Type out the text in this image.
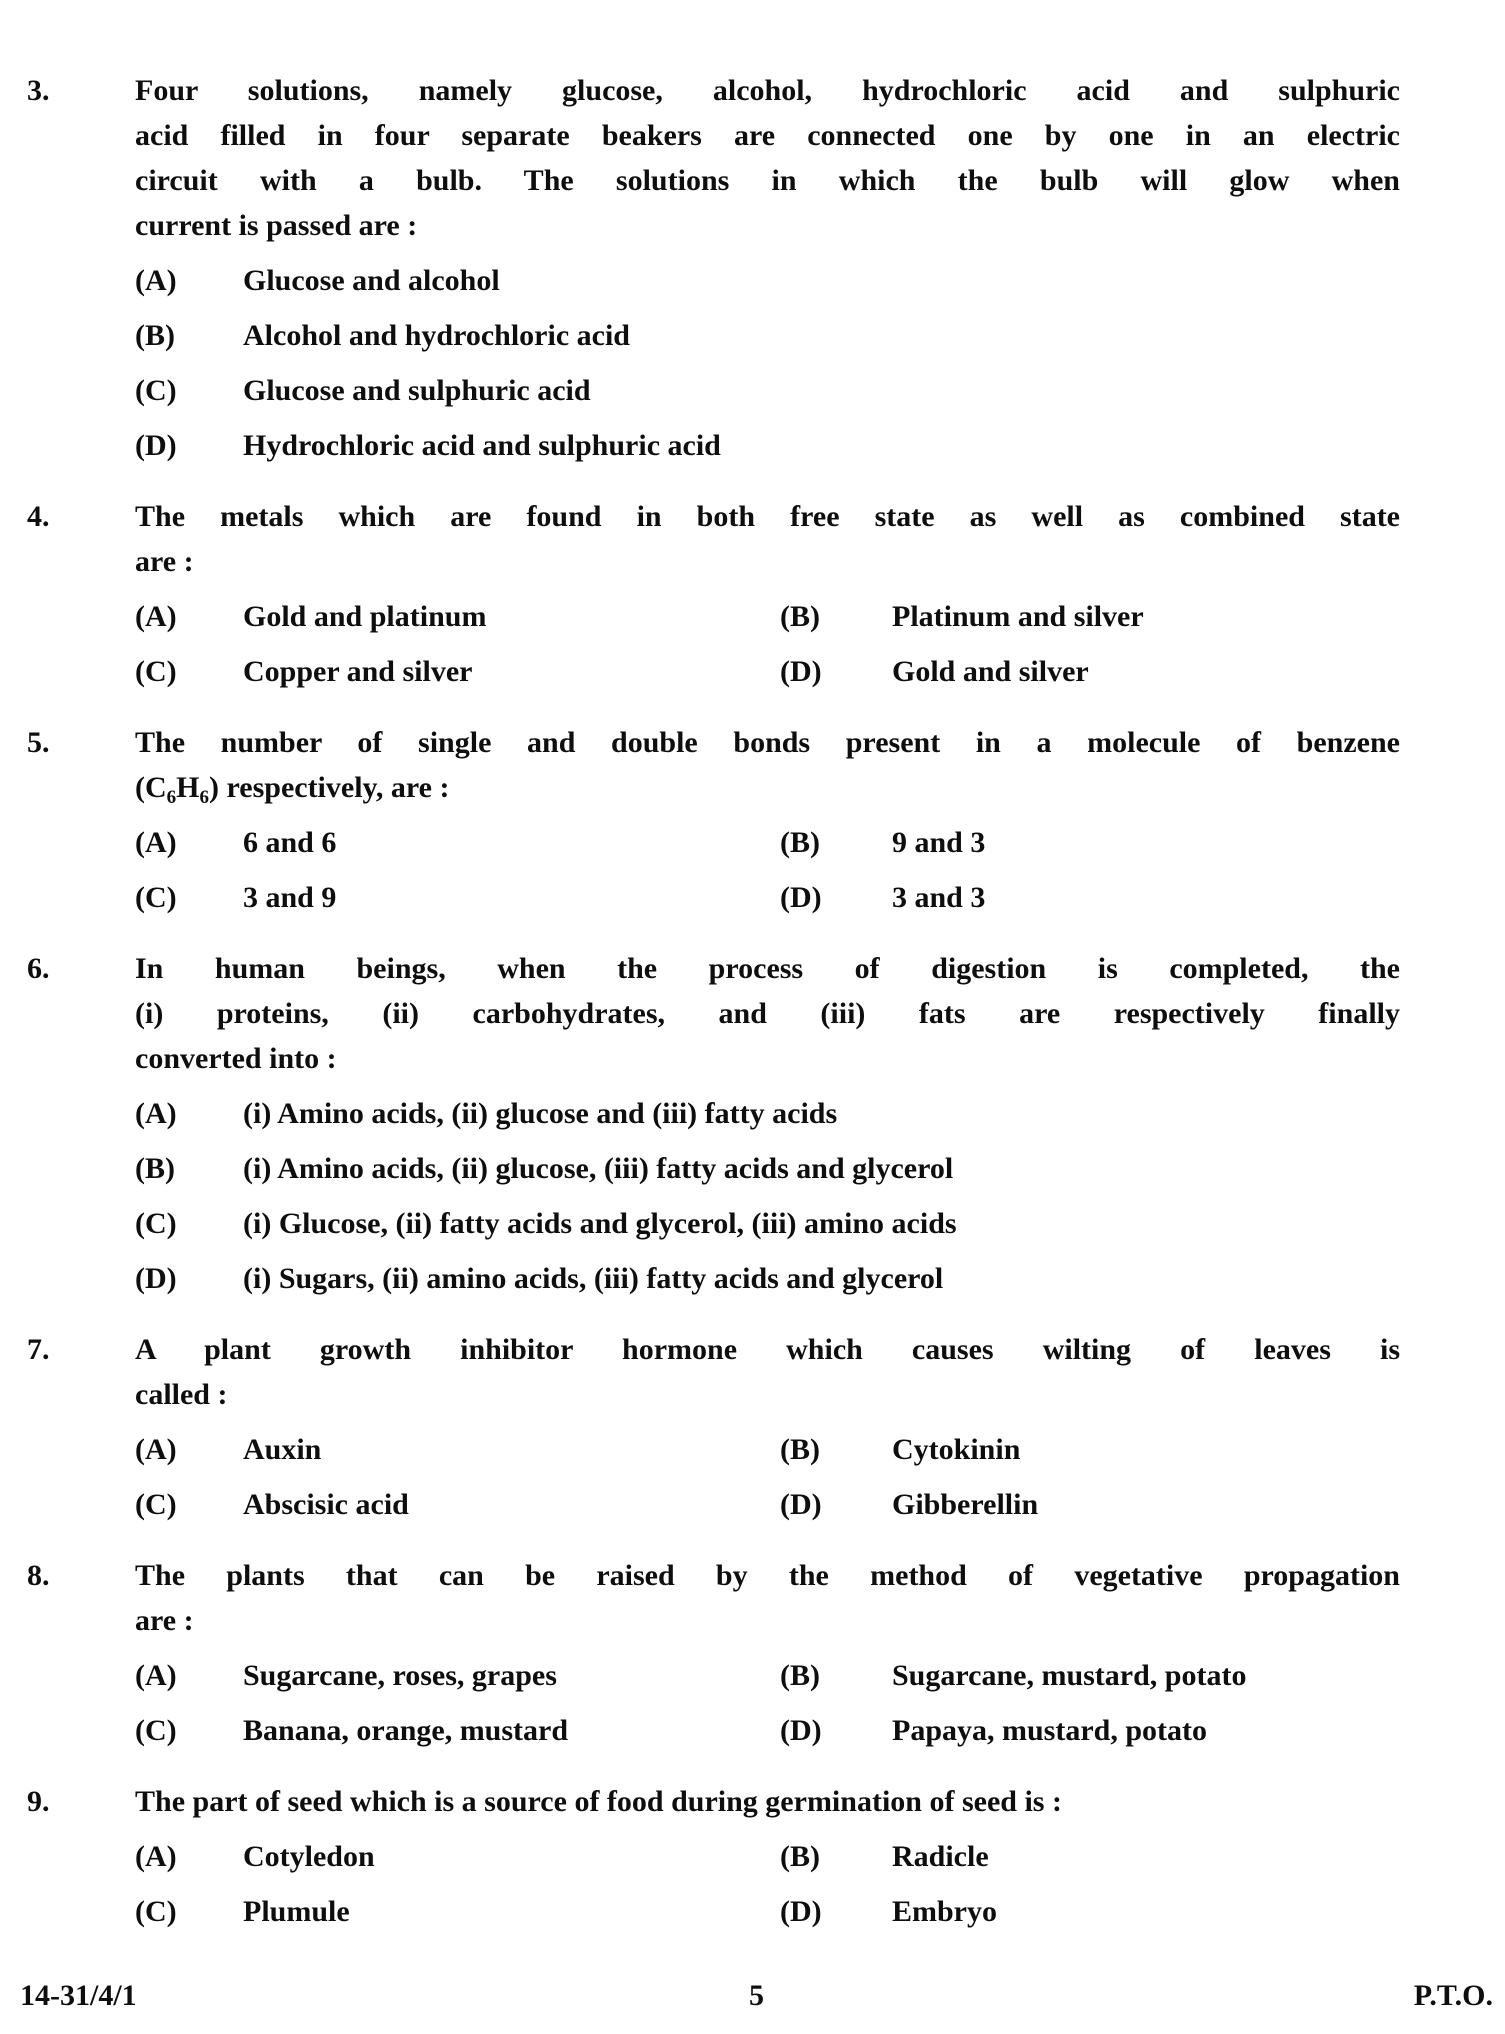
3.	Four solutions, namely glucose, alcohol, hydrochloric acid and sulphuric
acid filled in four separate beakers are connected one by one in an electric
circuit with a bulb. The solutions in which the bulb will glow when
current is passed are :
(A)	Glucose and alcohol
(B)	Alcohol and hydrochloric acid
(C)	Glucose and sulphuric acid
(D)	Hydrochloric acid and sulphuric acid
4.	The metals which are found in both free state as well as combined state
are :
(A)	Gold and platinum	(B)	Platinum and silver
(C)	Copper and silver	(D)	Gold and silver
5.	The number of single and double bonds present in a molecule of benzene
$(C_6H_6)$ respectively, are :
(A)	6 and 6	(B)	9 and 3
(C)	3 and 9	(D)	3 and 3
6.	In human beings, when the process of digestion is completed, the
(i) proteins, (ii) carbohydrates, and (iii) fats are respectively finally
converted into :
(A)	(i) Amino acids, (ii) glucose and (iii) fatty acids
(B)	(i) Amino acids, (ii) glucose, (iii) fatty acids and glycerol
(C)	(i) Glucose, (ii) fatty acids and glycerol, (iii) amino acids
(D)	(i) Sugars, (ii) amino acids, (iii) fatty acids and glycerol
7.	A plant growth inhibitor hormone which causes wilting of leaves is
called :
(A)	Auxin	(B)	Cytokinin
(C)	Abscisic acid	(D)	Gibberellin
8.	The plants that can be raised by the method of vegetative propagation
are :
(A)	Sugarcane, roses, grapes	(B)	Sugarcane, mustard, potato
(C)	Banana, orange, mustard	(D)	Papaya, mustard, potato
9.	The part of seed which is a source of food during germination of seed is :
(A)	Cotyledon	(B)	Radicle
(C)	Plumule	(D)	Embryo
14-31/4/1	5	P.T.O.
